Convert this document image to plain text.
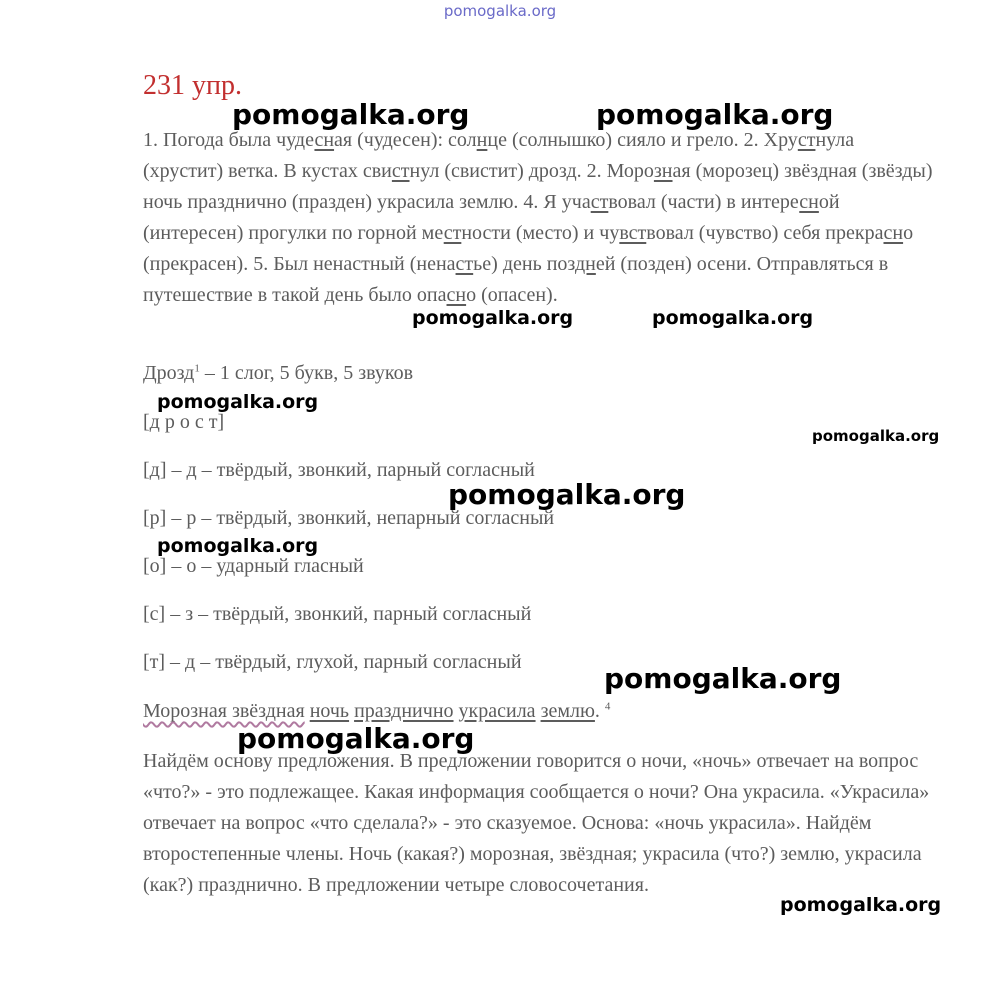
pomogalka.org
231 упр.

1. Погода была чудесная (чудесен): солнце (солнышко) сияло и грело. 2. Хрустнула (хрустит) ветка. В кустах свистнул (свистит) дрозд. 2. Морозная (морозец) звёздная (звёзды) ночь празднично (празден) украсила землю. 4. Я участвовал (части) в интересной (интересен) прогулки по горной местности (место) и чувствовал (чувство) себя прекрасно (прекрасен). 5. Был ненастный (ненастье) день поздней (позден) осени. Отправляться в путешествие в такой день было опасно (опасен).

Дрозд$^1$ – 1 слог, 5 букв, 5 звуков

[д р о с т]

[д] – д – твёрдый, звонкий, парный согласный

[р] – р – твёрдый, звонкий, непарный согласный

[о] – о – ударный гласный

[с] – з – твёрдый, звонкий, парный согласный

[т] – д – твёрдый, глухой, парный согласный

Морозная звёздная ночь празднично украсила землю. $^4$

Найдём основу предложения. В предложении говорится о ночи, «ночь» отвечает на вопрос «что?» - это подлежащее. Какая информация сообщается о ночи? Она украсила. «Украсила» отвечает на вопрос «что сделала?» - это сказуемое. Основа: «ночь украсила». Найдём второстепенные члены. Ночь (какая?) морозная, звёздная; украсила (что?) землю, украсила (как?) празднично. В предложении четыре словосочетания.

pomogalka.org	pomogalka.org
pomogalka.org	pomogalka.org
pomogalka.org
pomogalka.org
pomogalka.org
pomogalka.org
pomogalka.org
pomogalka.org
pomogalka.org
